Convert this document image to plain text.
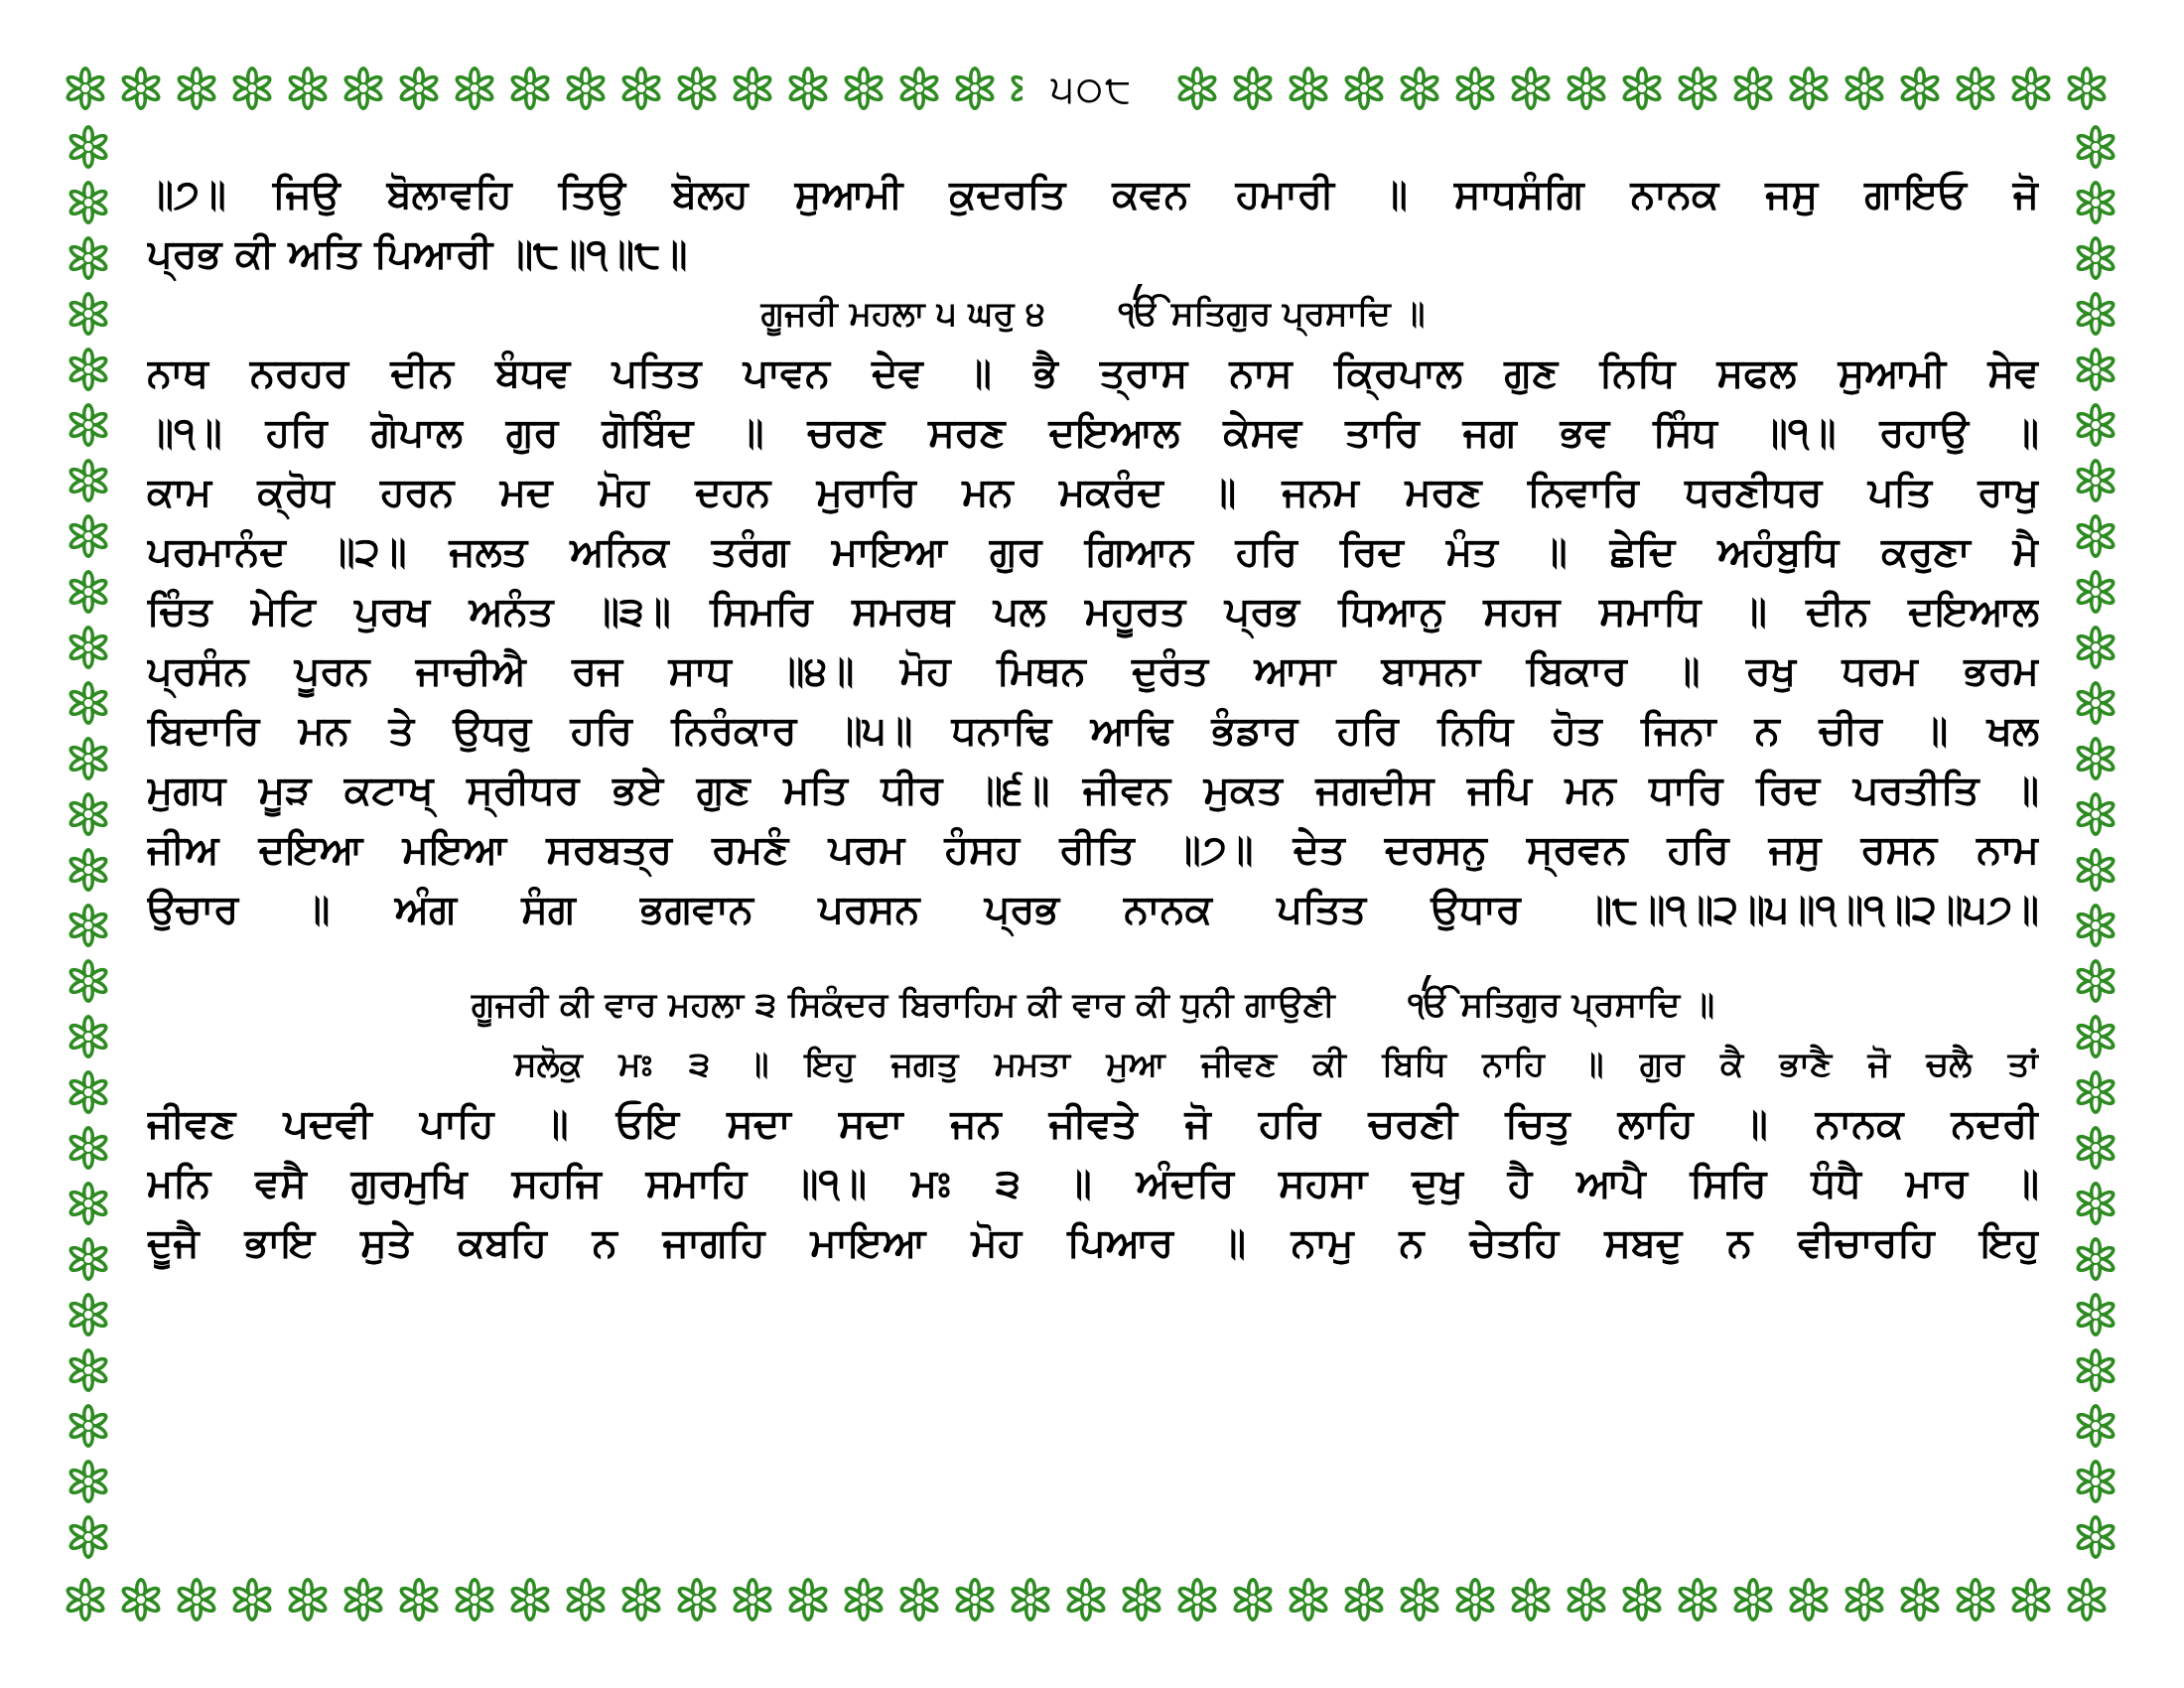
੫੦੮
॥੭॥ ਜਿਉ ਬੋਲਾਵਹਿ ਤਿਉ ਬੋਲਹ ਸੁਆਮੀ ਕੁਦਰਤਿ ਕਵਨ ਹਮਾਰੀ ॥ ਸਾਧਸੰਗਿ ਨਾਨਕ ਜਸੁ ਗਾਇਓ ਜੋ
ਪ੍ਰਭ ਕੀ ਅਤਿ ਪਿਆਰੀ ॥੮॥੧॥੮॥
ਗੂਜਰੀ ਮਹਲਾ ੫ ਘਰੁ ੪ ੴ ਸਤਿਗੁਰ ਪ੍ਰਸਾਦਿ ॥
ਨਾਥ ਨਰਹਰ ਦੀਨ ਬੰਧਵ ਪਤਿਤ ਪਾਵਨ ਦੇਵ ॥ ਭੈ ਤ੍ਰਾਸ ਨਾਸ ਕ੍ਰਿਪਾਲ ਗੁਣ ਨਿਧਿ ਸਫਲ ਸੁਆਮੀ ਸੇਵ
॥੧॥ ਹਰਿ ਗੋਪਾਲ ਗੁਰ ਗੋਬਿੰਦ ॥ ਚਰਣ ਸਰਣ ਦਇਆਲ ਕੇਸਵ ਤਾਰਿ ਜਗ ਭਵ ਸਿੰਧ ॥੧॥ ਰਹਾਉ ॥
ਕਾਮ ਕ੍ਰੋਧ ਹਰਨ ਮਦ ਮੋਹ ਦਹਨ ਮੁਰਾਰਿ ਮਨ ਮਕਰੰਦ ॥ ਜਨਮ ਮਰਣ ਨਿਵਾਰਿ ਧਰਣੀਧਰ ਪਤਿ ਰਾਖੁ
ਪਰਮਾਨੰਦ ॥੨॥ ਜਲਤ ਅਨਿਕ ਤਰੰਗ ਮਾਇਆ ਗੁਰ ਗਿਆਨ ਹਰਿ ਰਿਦ ਮੰਤ ॥ ਛੇਦਿ ਅਹੰਬੁਧਿ ਕਰੁਣਾ ਮੈ
ਚਿੰਤ ਮੇਟਿ ਪੁਰਖ ਅਨੰਤ ॥੩॥ ਸਿਮਰਿ ਸਮਰਥ ਪਲ ਮਹੂਰਤ ਪ੍ਰਭ ਧਿਆਨੁ ਸਹਜ ਸਮਾਧਿ ॥ ਦੀਨ ਦਇਆਲ
ਪ੍ਰਸੰਨ ਪੂਰਨ ਜਾਚੀਐ ਰਜ ਸਾਧ ॥੪॥ ਮੋਹ ਮਿਥਨ ਦੁਰੰਤ ਆਸਾ ਬਾਸਨਾ ਬਿਕਾਰ ॥ ਰਖੁ ਧਰਮ ਭਰਮ
ਬਿਦਾਰਿ ਮਨ ਤੇ ਉਧਰੁ ਹਰਿ ਨਿਰੰਕਾਰ ॥੫॥ ਧਨਾਢਿ ਆਢਿ ਭੰਡਾਰ ਹਰਿ ਨਿਧਿ ਹੋਤ ਜਿਨਾ ਨ ਚੀਰ ॥ ਖਲ
ਮੁਗਧ ਮੂੜ ਕਟਾਖ੍ ਸ੍ਰੀਧਰ ਭਏ ਗੁਣ ਮਤਿ ਧੀਰ ॥੬॥ ਜੀਵਨ ਮੁਕਤ ਜਗਦੀਸ ਜਪਿ ਮਨ ਧਾਰਿ ਰਿਦ ਪਰਤੀਤਿ ॥
ਜੀਅ ਦਇਆ ਮਇਆ ਸਰਬਤ੍ਰ ਰਮਣੰ ਪਰਮ ਹੰਸਹ ਰੀਤਿ ॥੭॥ ਦੇਤ ਦਰਸਨੁ ਸ੍ਰਵਨ ਹਰਿ ਜਸੁ ਰਸਨ ਨਾਮ
ਉਚਾਰ ॥ ਅੰਗ ਸੰਗ ਭਗਵਾਨ ਪਰਸਨ ਪ੍ਰਭ ਨਾਨਕ ਪਤਿਤ ਉਧਾਰ ॥੮॥੧॥੨॥੫॥੧॥੧॥੨॥੫੭॥
ਗੂਜਰੀ ਕੀ ਵਾਰ ਮਹਲਾ ੩ ਸਿਕੰਦਰ ਬਿਰਾਹਿਮ ਕੀ ਵਾਰ ਕੀ ਧੁਨੀ ਗਾਉਣੀ ੴ ਸਤਿਗੁਰ ਪ੍ਰਸਾਦਿ ॥
ਸਲੋਕੁ ਮਃ ੩ ॥ ਇਹੁ ਜਗਤੁ ਮਮਤਾ ਮੁਆ ਜੀਵਣ ਕੀ ਬਿਧਿ ਨਾਹਿ ॥ ਗੁਰ ਕੈ ਭਾਣੈ ਜੋ ਚਲੈ ਤਾਂ
ਜੀਵਣ ਪਦਵੀ ਪਾਹਿ ॥ ਓਇ ਸਦਾ ਸਦਾ ਜਨ ਜੀਵਤੇ ਜੋ ਹਰਿ ਚਰਣੀ ਚਿਤੁ ਲਾਹਿ ॥ ਨਾਨਕ ਨਦਰੀ
ਮਨਿ ਵਸੈ ਗੁਰਮੁਖਿ ਸਹਜਿ ਸਮਾਹਿ ॥੧॥ ਮਃ ੩ ॥ ਅੰਦਰਿ ਸਹਸਾ ਦੁਖੁ ਹੈ ਆਪੈ ਸਿਰਿ ਧੰਧੈ ਮਾਰ ॥
ਦੂਜੈ ਭਾਇ ਸੁਤੇ ਕਬਹਿ ਨ ਜਾਗਹਿ ਮਾਇਆ ਮੋਹ ਪਿਆਰ ॥ ਨਾਮੁ ਨ ਚੇਤਹਿ ਸਬਦੁ ਨ ਵੀਚਾਰਹਿ ਇਹੁ
